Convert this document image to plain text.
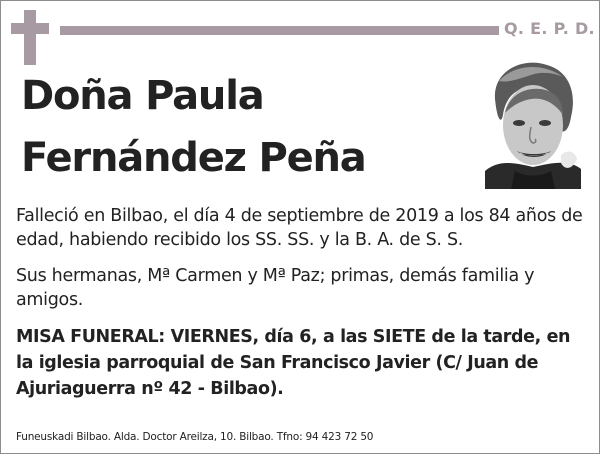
Q. E. P. D.
Doña Paula
Fernández Peña
Falleció en Bilbao, el día 4 de septiembre de 2019 a los 84 años de edad, habiendo recibido los SS. SS. y la B. A. de S. S.
Sus hermanas, Mª Carmen y Mª Paz; primas, demás familia y amigos.
MISA FUNERAL: VIERNES, día 6, a las SIETE de la tarde, en la iglesia parroquial de San Francisco Javier (C/ Juan de Ajuriaguerra nº 42 - Bilbao).
Funeuskadi Bilbao. Alda. Doctor Areilza, 10. Bilbao. Tfno: 94 423 72 50
